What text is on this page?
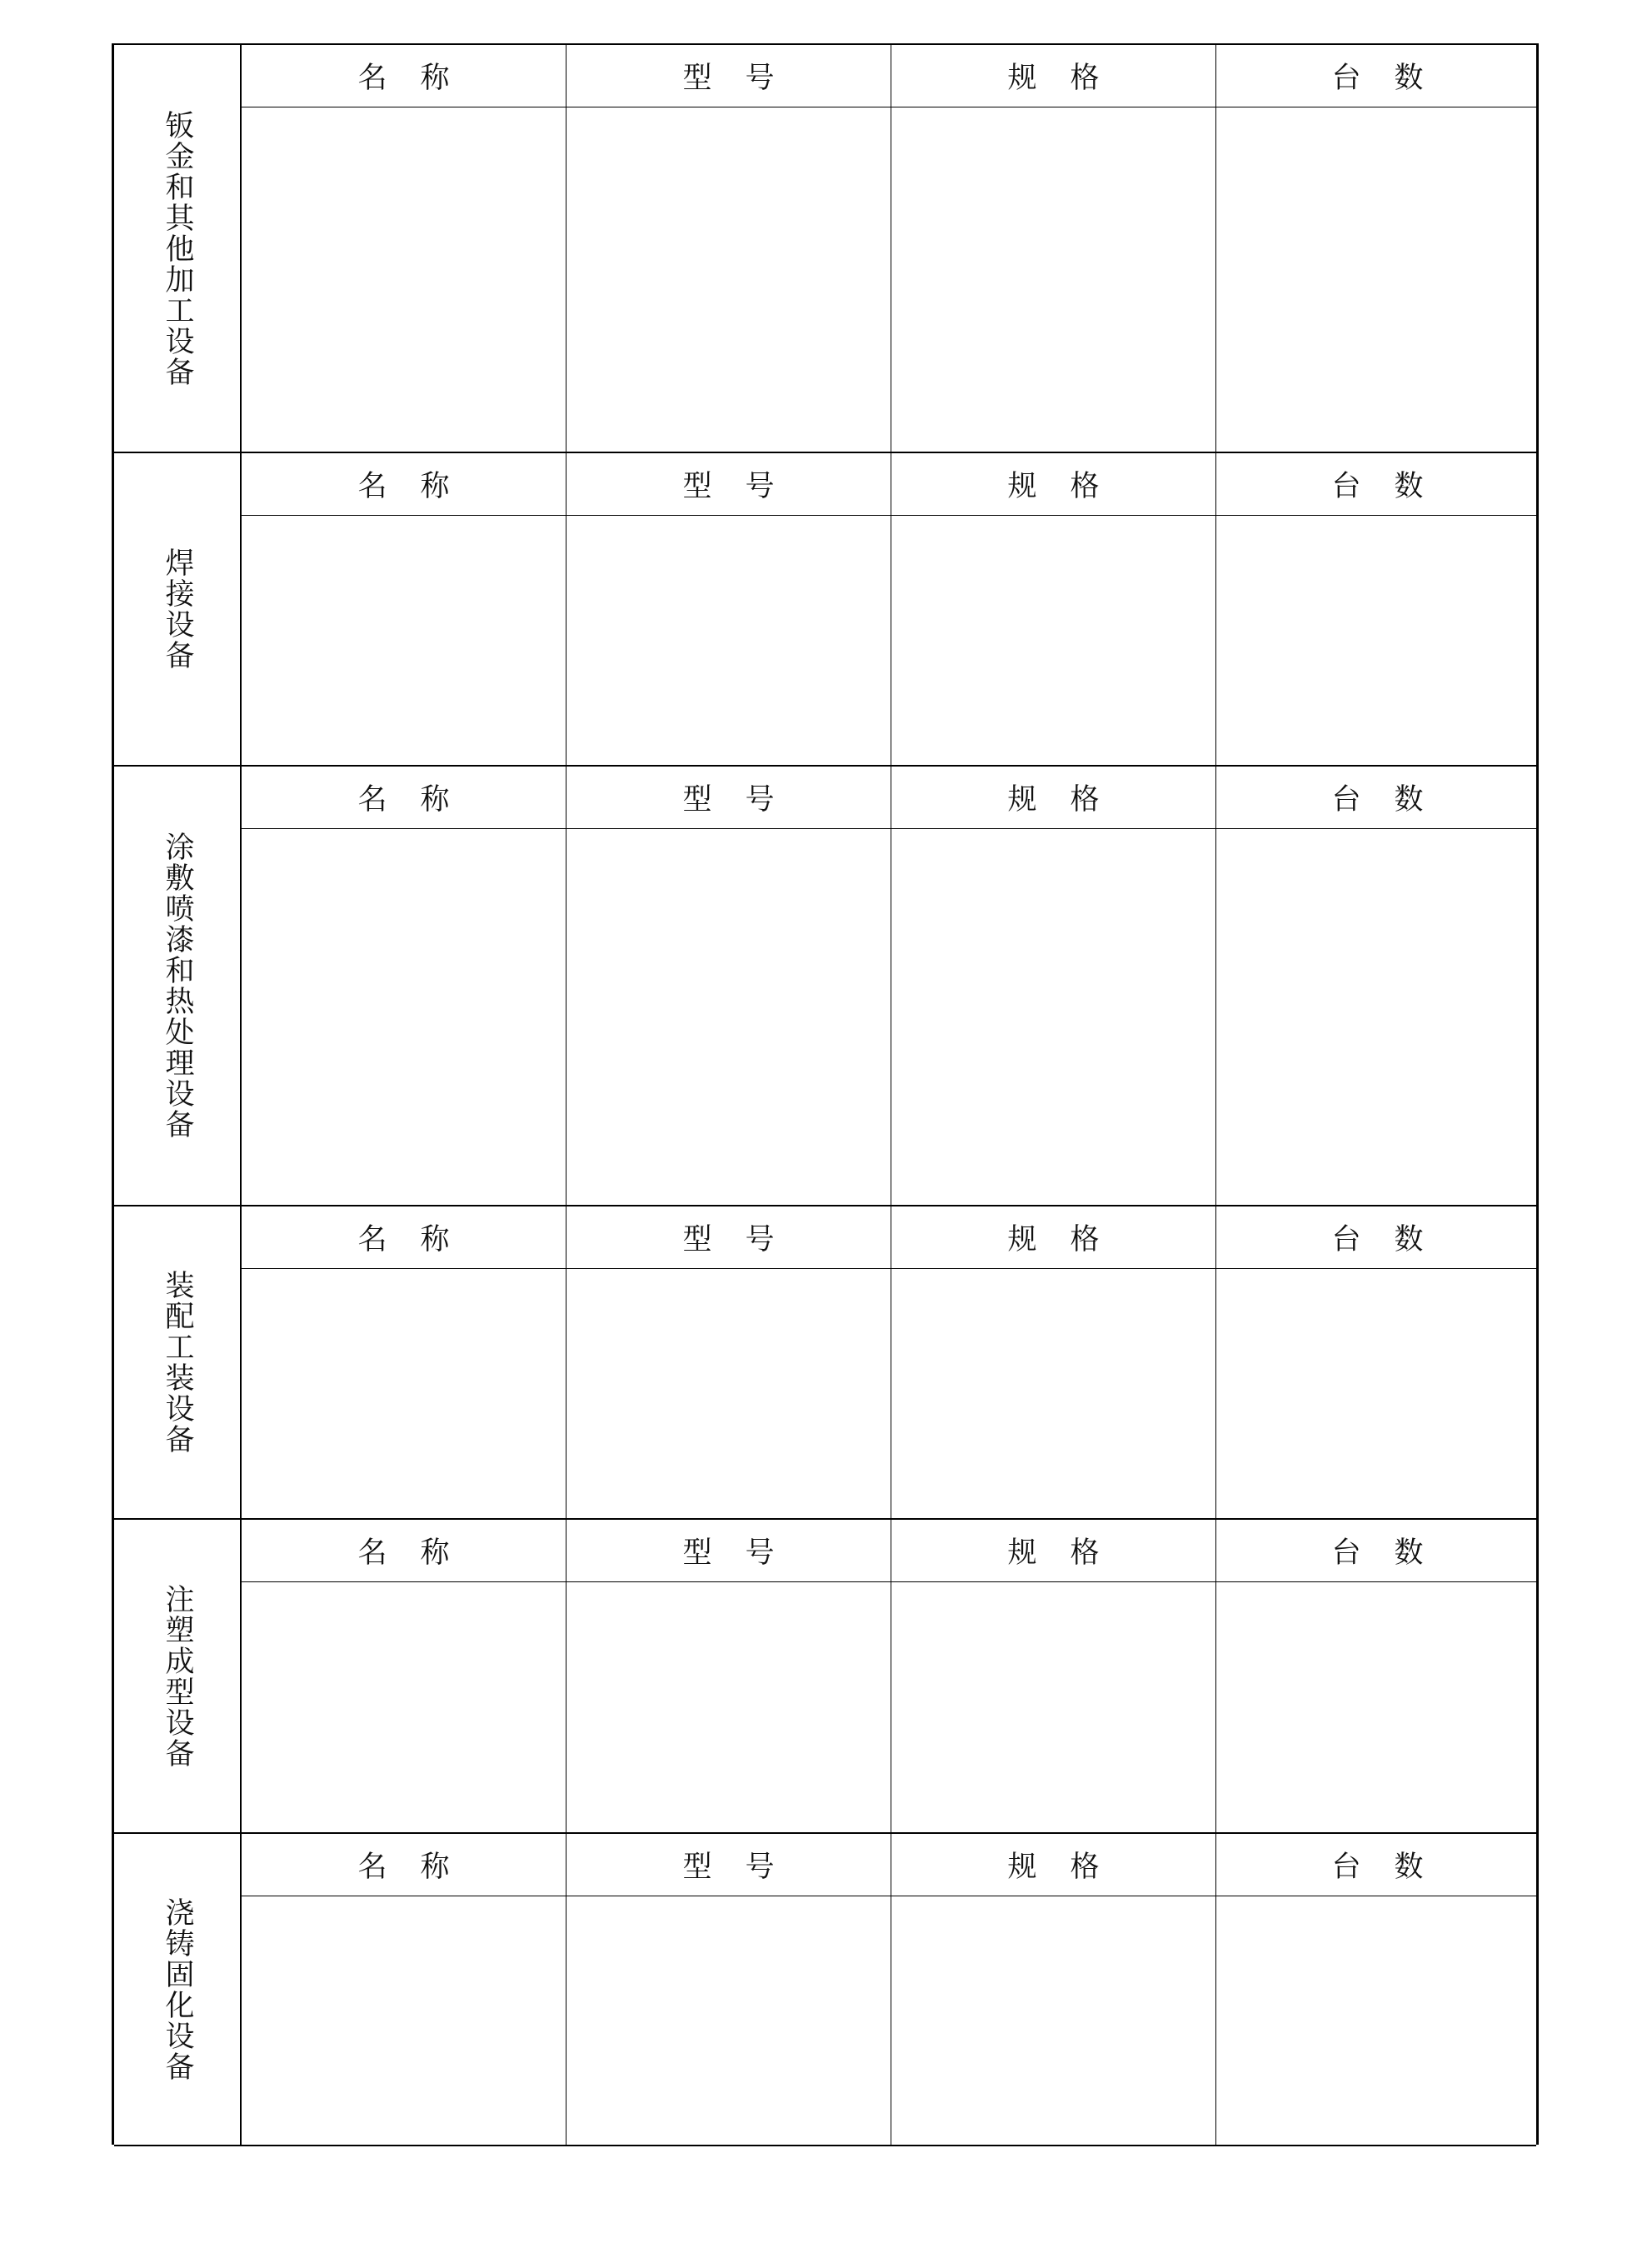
钣金和其他加工设备
名称	型号	规格	台数
焊接设备
名称	型号	规格	台数
涂敷喷漆和热处理设备
名称	型号	规格	台数
装配工装设备
名称	型号	规格	台数
注塑成型设备
名称	型号	规格	台数
浇铸固化设备
名称	型号	规格	台数
